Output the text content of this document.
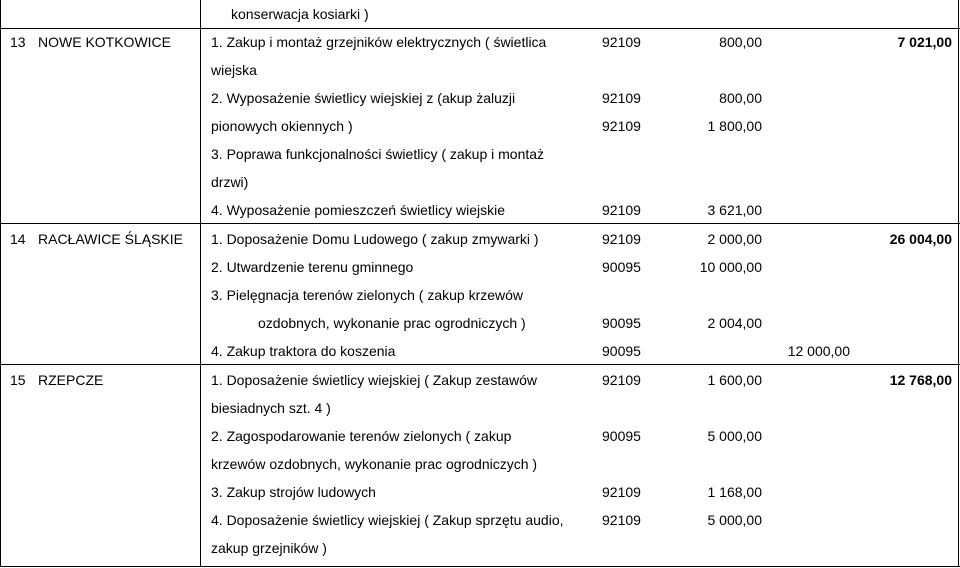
konserwacja kosiarki )
13 NOWE KOTKOWICE	1. Zakup i montaż grzejników elektrycznych ( świetlica
wiejska
2. Wyposażenie świetlicy wiejskiej z (akup żaluzji
pionowych okiennych )
3. Poprawa funkcjonalności świetlicy ( zakup i montaż
drzwi)
4. Wyposażenie pomieszczeń świetlicy wiejskie
92109
92109
92109
92109
800,00
800,00
1 800,00
3 621,00
7 021,00
14 RACŁAWICE ŚLĄSKIE 1. Doposażenie Domu Ludowego ( zakup zmywarki )
2. Utwardzenie terenu gminnego
3. Pielęgnacja terenów zielonych ( zakup krzewów
ozdobnych, wykonanie prac ogrodniczych )
4. Zakup traktora do koszenia
92109
90095
90095
90095
2 000,00
10 000,00
2 004,00
12 000,00
26 004,00
15 RZEPCZE	1. Doposażenie świetlicy wiejskiej ( Zakup zestawów
biesiadnych szt. 4 )
2. Zagospodarowanie terenów zielonych ( zakup
krzewów ozdobnych, wykonanie prac ogrodniczych )
3. Zakup strojów ludowych
4. Doposażenie świetlicy wiejskiej ( Zakup sprzętu audio,
zakup grzejników )
92109
90095
92109
92109
1 600,00
5 000,00
1 168,00
5 000,00
12 768,00
